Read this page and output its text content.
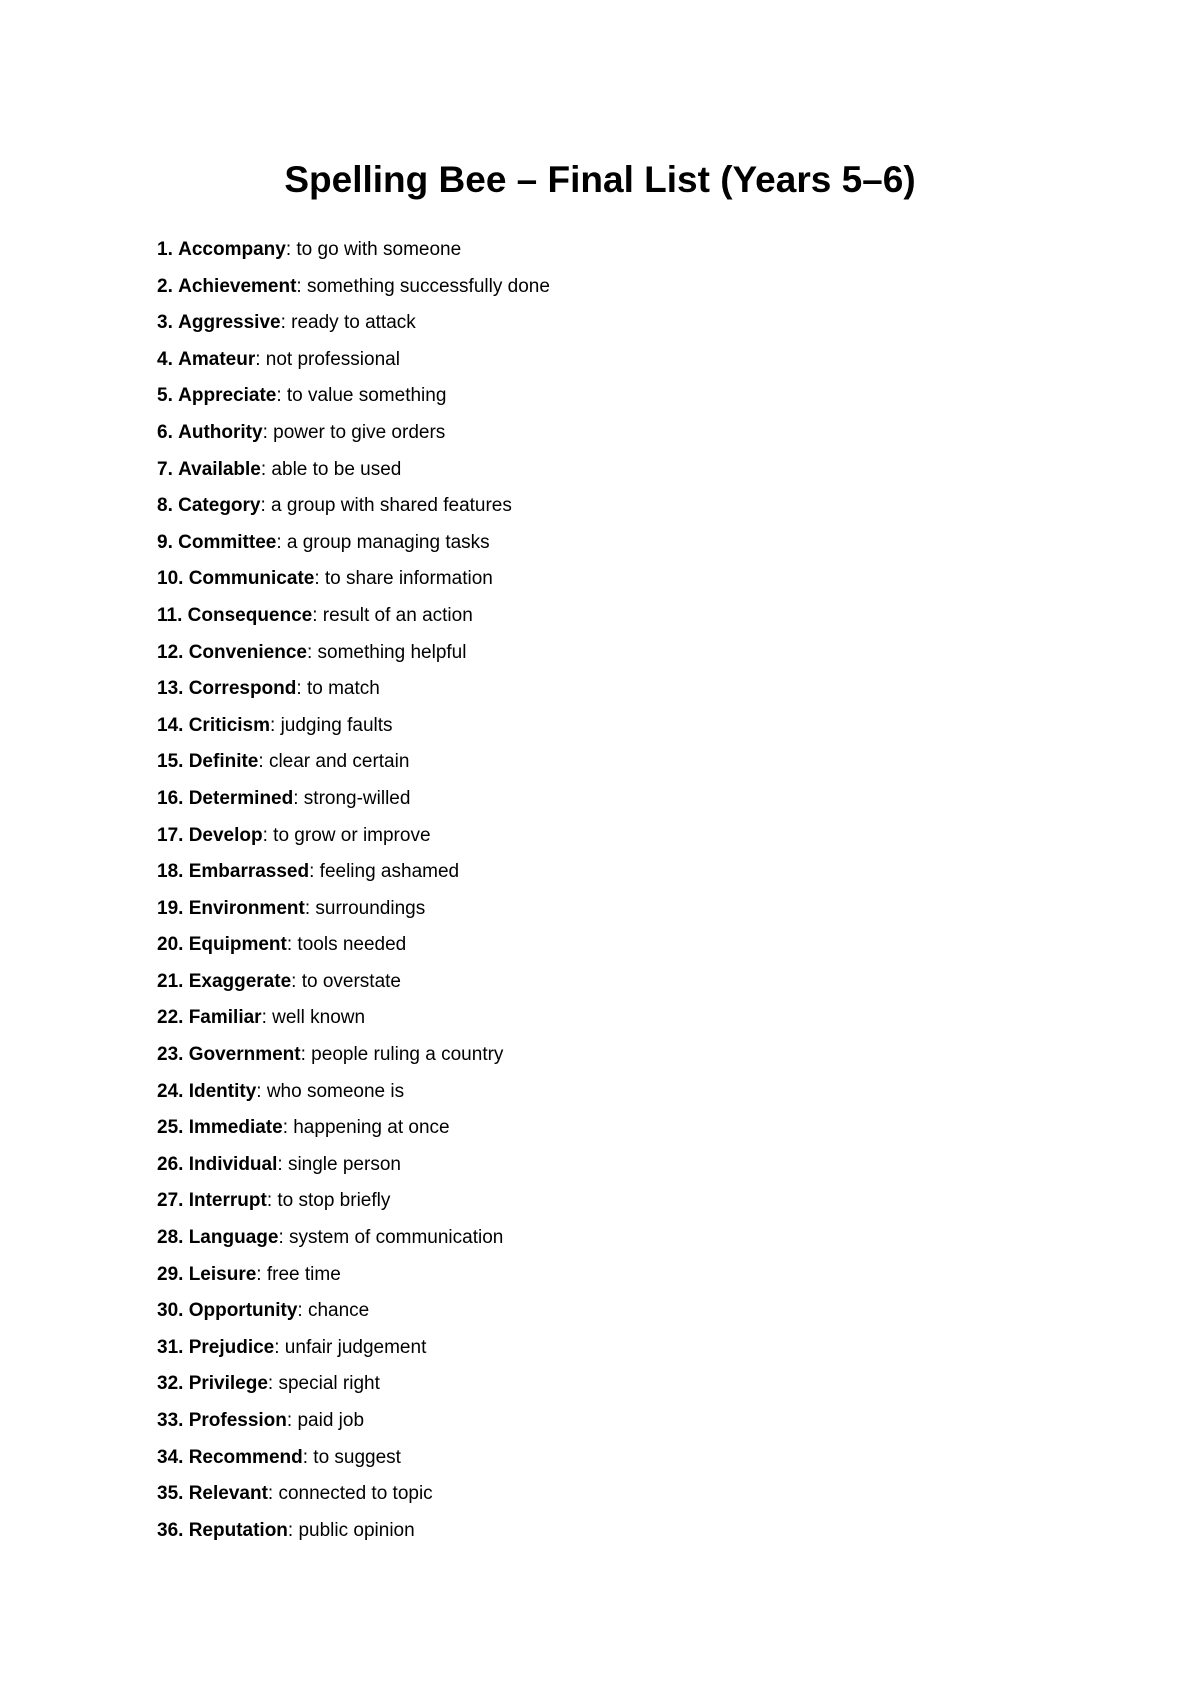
Spelling Bee – Final List (Years 5–6)
1. Accompany: to go with someone
2. Achievement: something successfully done
3. Aggressive: ready to attack
4. Amateur: not professional
5. Appreciate: to value something
6. Authority: power to give orders
7. Available: able to be used
8. Category: a group with shared features
9. Committee: a group managing tasks
10. Communicate: to share information
11. Consequence: result of an action
12. Convenience: something helpful
13. Correspond: to match
14. Criticism: judging faults
15. Definite: clear and certain
16. Determined: strong-willed
17. Develop: to grow or improve
18. Embarrassed: feeling ashamed
19. Environment: surroundings
20. Equipment: tools needed
21. Exaggerate: to overstate
22. Familiar: well known
23. Government: people ruling a country
24. Identity: who someone is
25. Immediate: happening at once
26. Individual: single person
27. Interrupt: to stop briefly
28. Language: system of communication
29. Leisure: free time
30. Opportunity: chance
31. Prejudice: unfair judgement
32. Privilege: special right
33. Profession: paid job
34. Recommend: to suggest
35. Relevant: connected to topic
36. Reputation: public opinion
